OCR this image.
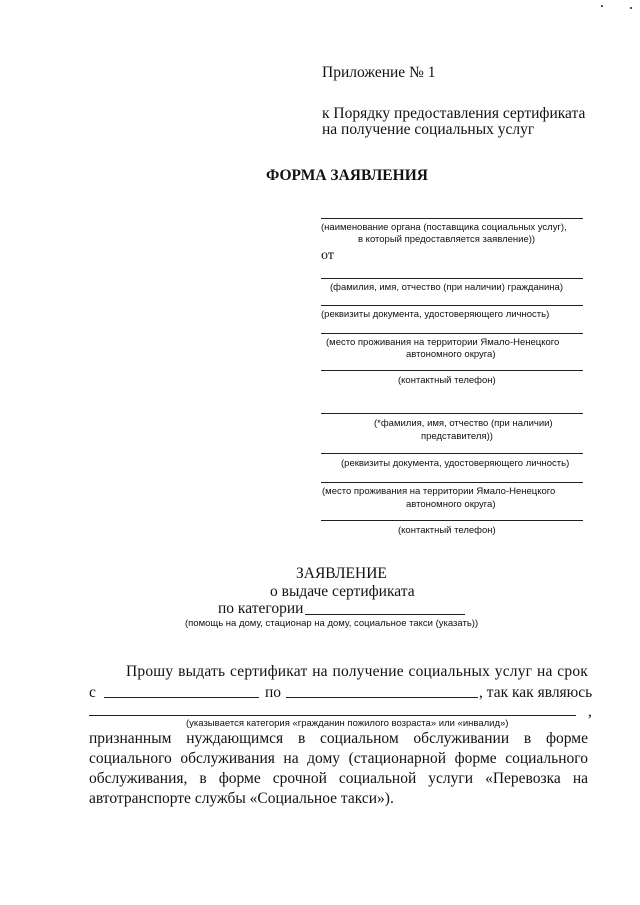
Приложение № 1
к Порядку предоставления сертификата
на получение социальных услуг
ФОРМА ЗАЯВЛЕНИЯ
(наименование органа (поставщика социальных услуг),
в который предоставляется заявление))
от
(фамилия, имя, отчество (при наличии) гражданина)
(реквизиты документа, удостоверяющего личность)
(место проживания на территории Ямало-Ненецкого
автономного округа)
(контактный телефон)
(*фамилия, имя, отчество (при наличии)
представителя))
(реквизиты документа, удостоверяющего личность)
(место проживания на территории Ямало-Ненецкого
автономного округа)
(контактный телефон)
ЗАЯВЛЕНИЕ
о выдаче сертификата
по категории
(помощь на дому, стационар на дому, социальное такси (указать))
Прошу выдать сертификат на получение социальных услуг на срок
с	по	, так как являюсь
,
(указывается категория «гражданин пожилого возраста» или «инвалид»)
признанным нуждающимся в социальном обслуживании в форме
социального обслуживания на дому (стационарной форме социального
обслуживания, в форме срочной социальной услуги «Перевозка на
автотранспорте службы «Социальное такси»).
